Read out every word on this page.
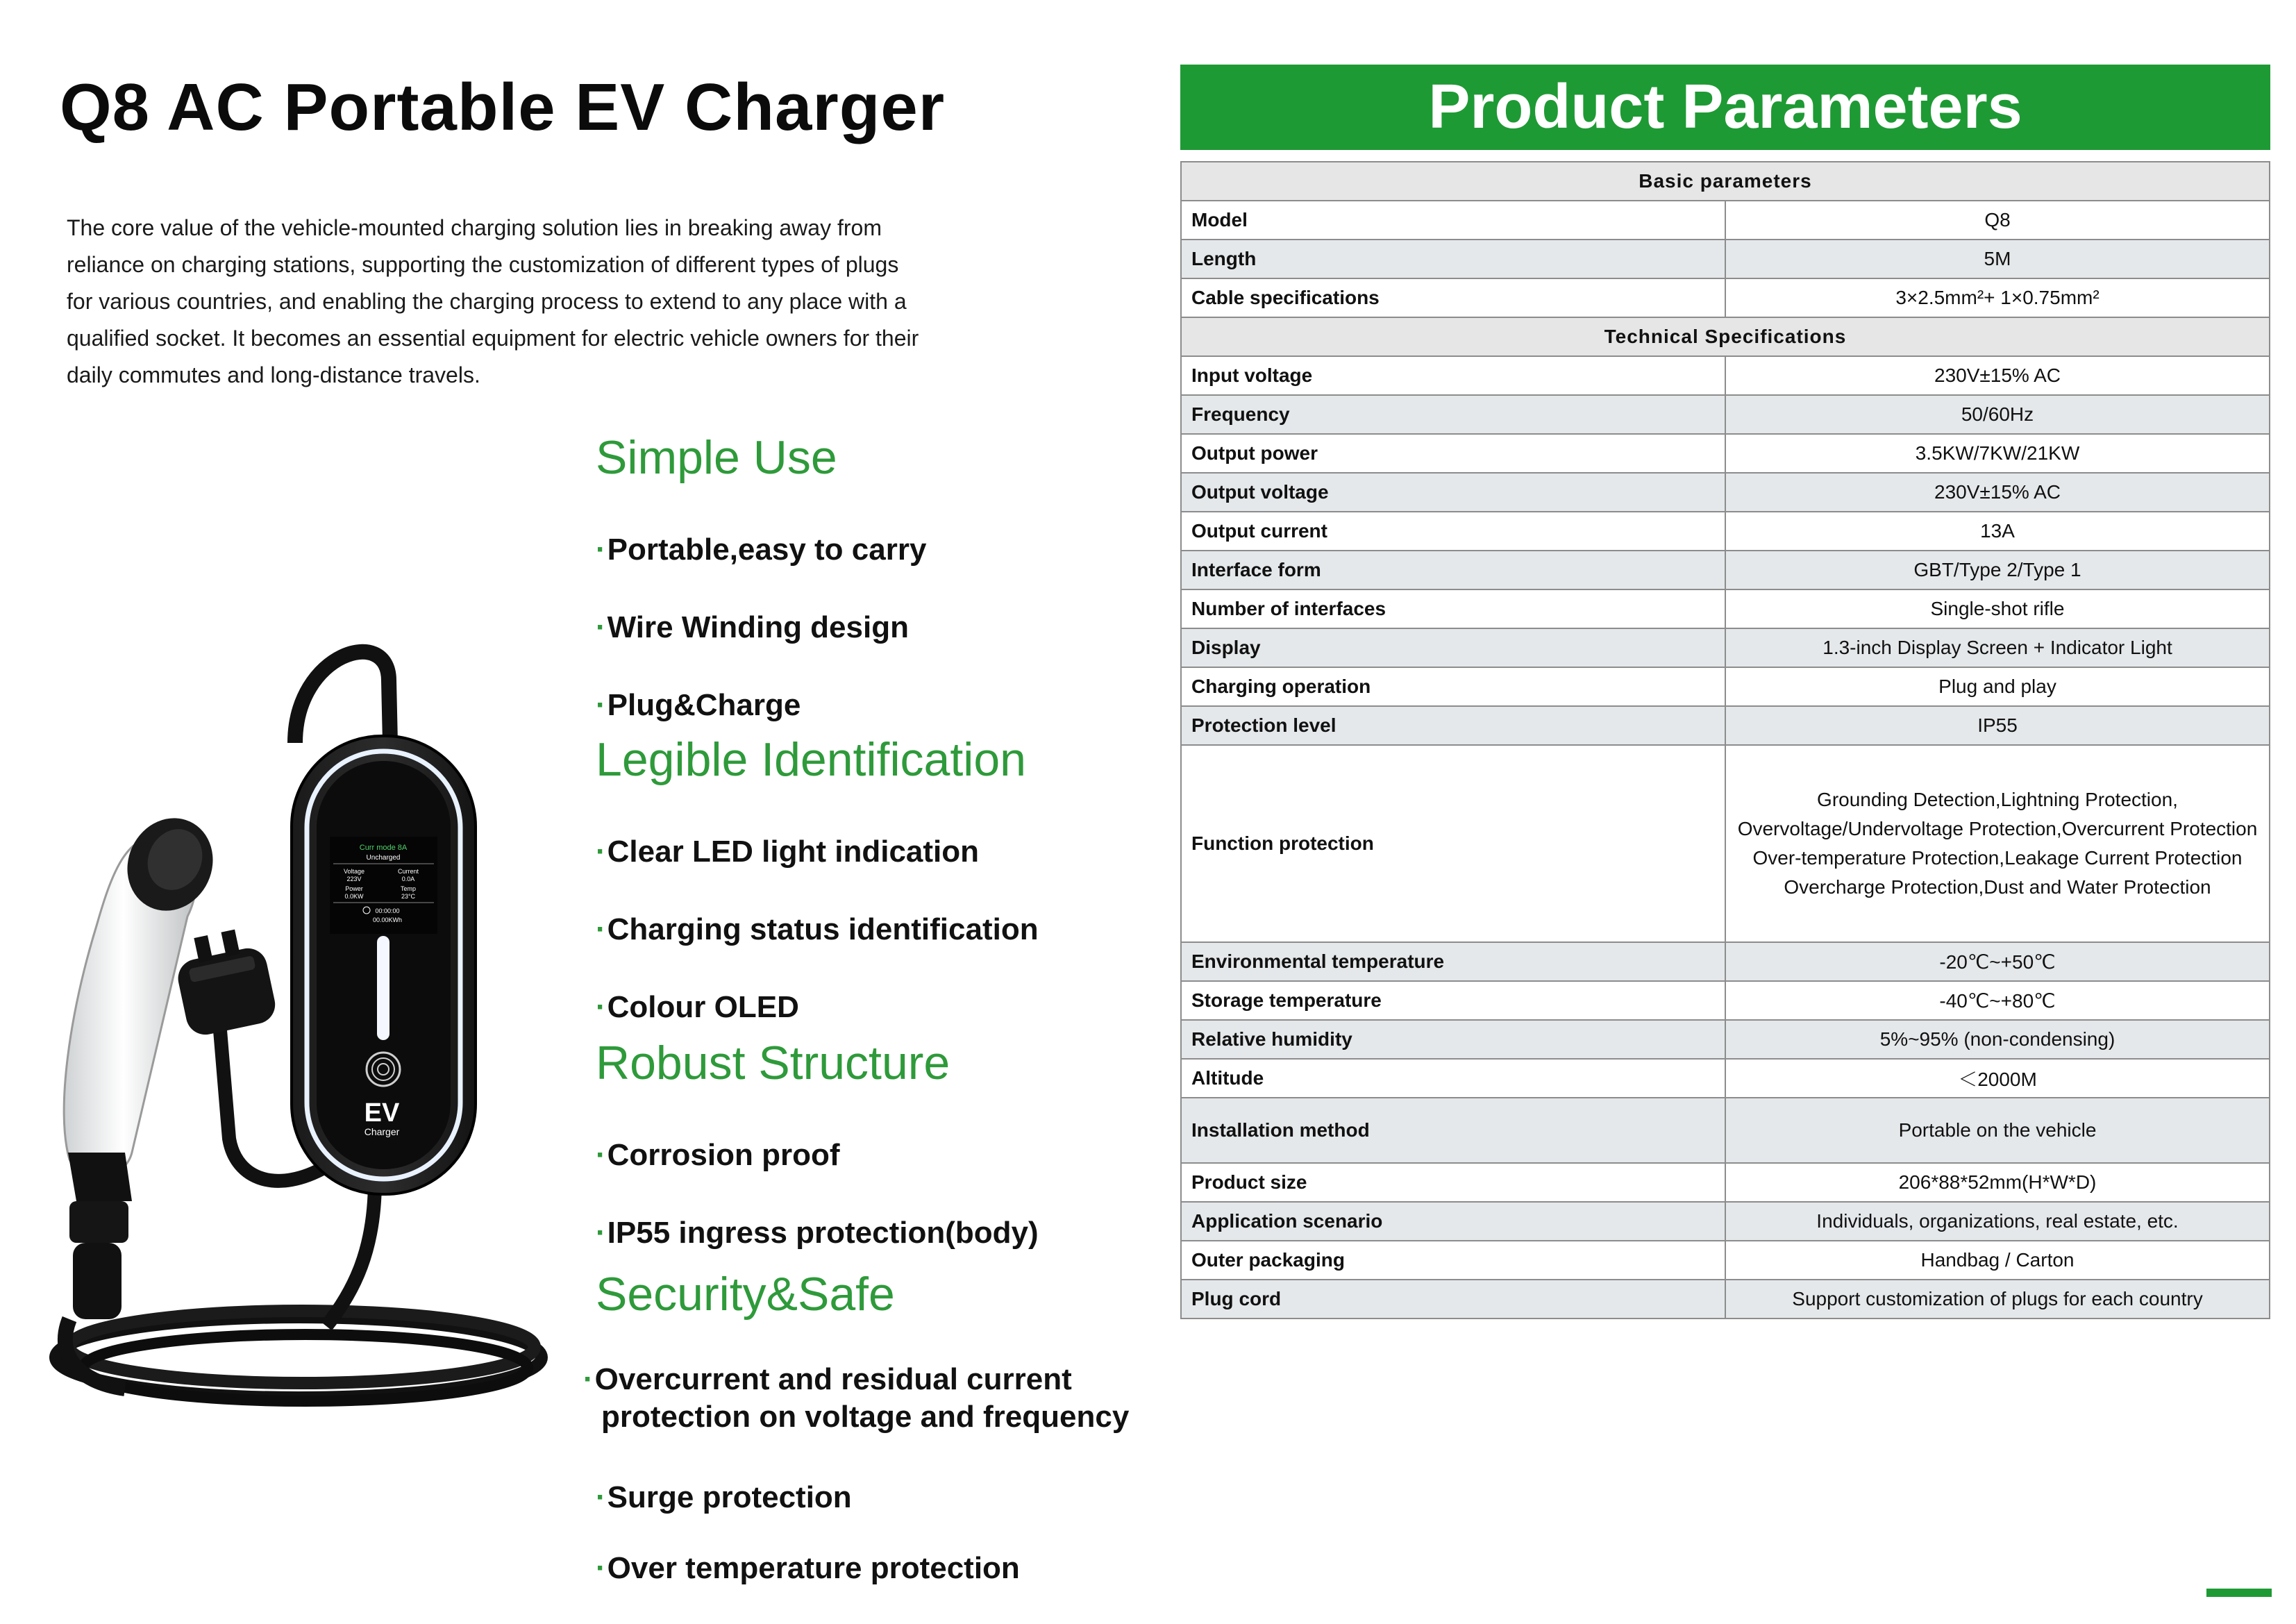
Q8 AC Portable EV Charger

The core value of the vehicle-mounted charging solution lies in breaking away from

reliance on charging stations, supporting the customization of different types of plugs

for various countries, and enabling the charging process to extend to any place with a

qualified socket. It becomes an essential equipment for electric vehicle owners for their

daily commutes and long-distance travels.

Curr mode 8A
Uncharged
Voltage	Current
223V	0.0A
Power	Temp
0.0KW	23°C
00:00:00
00.00KWh
EV
Charger
Simple Use
·Portable,easy to carry
·Wire Winding design
·Plug&Charge
Legible Identification
·Clear LED light indication
·Charging status identification
·Colour OLED
Robust Structure
·Corrosion proof
·IP55 ingress protection(body)
Security&Safe
·Overcurrent and residual current
protection on voltage and frequency
·Surge protection
·Over temperature protection
Product Parameters
Basic parameters	
Model	Q8

Length	5M

Cable specifications	3×2.5mm²+ 1×0.75mm²

Technical Specifications	
Input voltage	230V±15% AC

Frequency	50/60Hz

Output power	3.5KW/7KW/21KW

Output voltage	230V±15% AC

Output current	13A

Interface form	GBT/Type 2/Type 1

Number of interfaces	Single-shot rifle

Display	1.3-inch Display Screen + Indicator Light

Charging operation	Plug and play

Protection level	IP55

Function protection	Grounding Detection,Lightning Protection,
Overvoltage/Undervoltage Protection,Overcurrent Protection
Over-temperature Protection,Leakage Current Protection
Overcharge Protection,Dust and Water Protection

Environmental temperature	-20℃~+50℃

Storage temperature	-40℃~+80℃

Relative humidity	5%~95% (non-condensing)

Altitude	＜2000M

Installation method	Portable on the vehicle

Product size	206*88*52mm(H*W*D)

Application scenario	Individuals, organizations, real estate, etc.

Outer packaging	Handbag / Carton

Plug cord	Support customization of plugs for each country
